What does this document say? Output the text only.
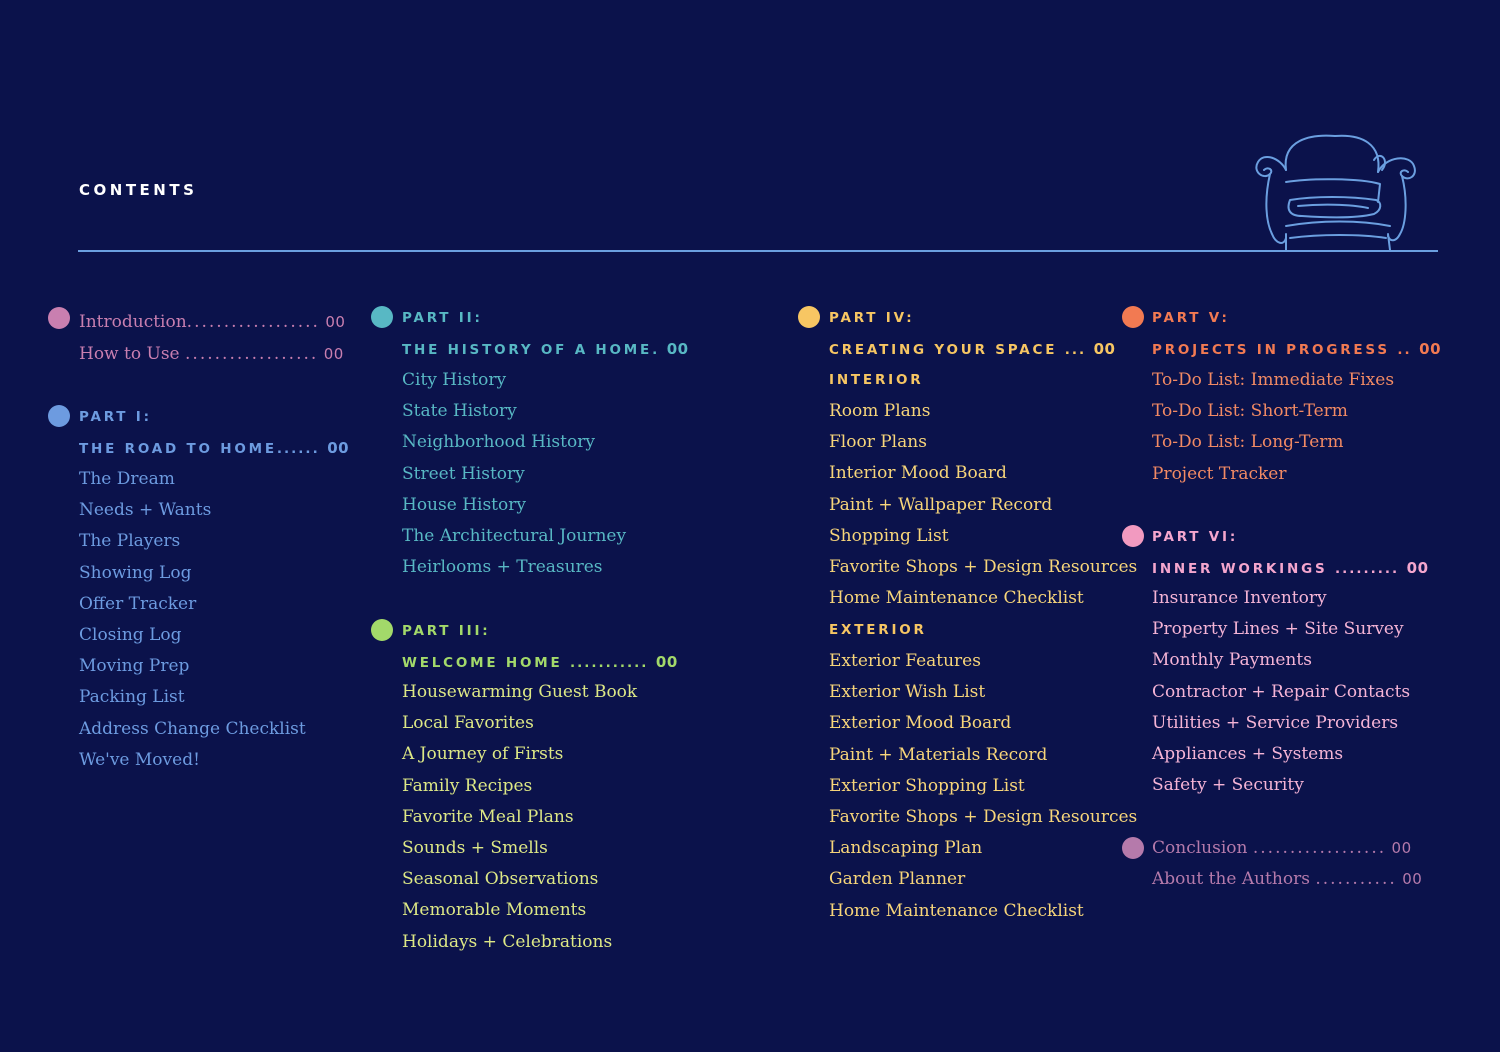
CONTENTS
Introduction.................. 00
How to Use .................. 00
PART I:
THE ROAD TO HOME...... 00
The Dream
Needs + Wants
The Players
Showing Log
Offer Tracker
Closing Log
Moving Prep
Packing List
Address Change Checklist
We've Moved!
PART II:
THE HISTORY OF A HOME. 00
City History
State History
Neighborhood History
Street History
House History
The Architectural Journey
Heirlooms + Treasures
PART III:
WELCOME HOME ........... 00
Housewarming Guest Book
Local Favorites
A Journey of Firsts
Family Recipes
Favorite Meal Plans
Sounds + Smells
Seasonal Observations
Memorable Moments
Holidays + Celebrations
PART IV:
CREATING YOUR SPACE ... 00
INTERIOR
Room Plans
Floor Plans
Interior Mood Board
Paint + Wallpaper Record
Shopping List
Favorite Shops + Design Resources
Home Maintenance Checklist
EXTERIOR
Exterior Features
Exterior Wish List
Exterior Mood Board
Paint + Materials Record
Exterior Shopping List
Favorite Shops + Design Resources
Landscaping Plan
Garden Planner
Home Maintenance Checklist
PART V:
PROJECTS IN PROGRESS .. 00
To-Do List: Immediate Fixes
To-Do List: Short-Term
To-Do List: Long-Term
Project Tracker
PART VI:
INNER WORKINGS ......... 00
Insurance Inventory
Property Lines + Site Survey
Monthly Payments
Contractor + Repair Contacts
Utilities + Service Providers
Appliances + Systems
Safety + Security
Conclusion .................. 00
About the Authors ........... 00
